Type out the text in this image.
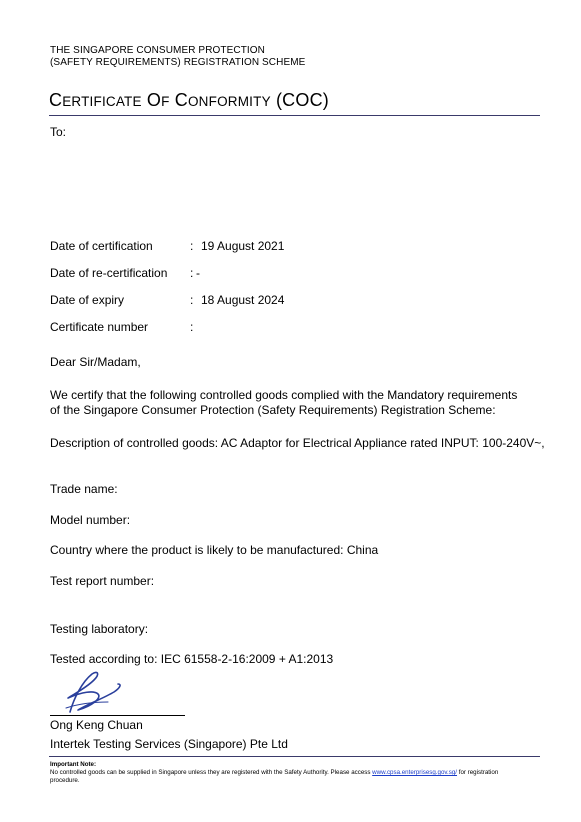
THE SINGAPORE CONSUMER PROTECTION
(SAFETY REQUIREMENTS) REGISTRATION SCHEME
CERTIFICATE OF CONFORMITY (COC)
To:
Date of certification	: 19 August 2021
Date of re-certification : -
Date of expiry	: 18 August 2024
Certificate number	:
Dear Sir/Madam,
We certify that the following controlled goods complied with the Mandatory requirements
of the Singapore Consumer Protection (Safety Requirements) Registration Scheme:
Description of controlled goods: AC Adaptor for Electrical Appliance rated INPUT: 100-240V~,
Trade name:
Model number:
Country where the product is likely to be manufactured: China
Test report number:
Testing laboratory:
Tested according to: IEC 61558-2-16:2009 + A1:2013
Ong Keng Chuan
Intertek Testing Services (Singapore) Pte Ltd
Important Note:
No controlled goods can be supplied in Singapore unless they are registered with the Safety Authority. Please access www.cpsa.enterprisesg.gov.sg/ for registration
procedure.
